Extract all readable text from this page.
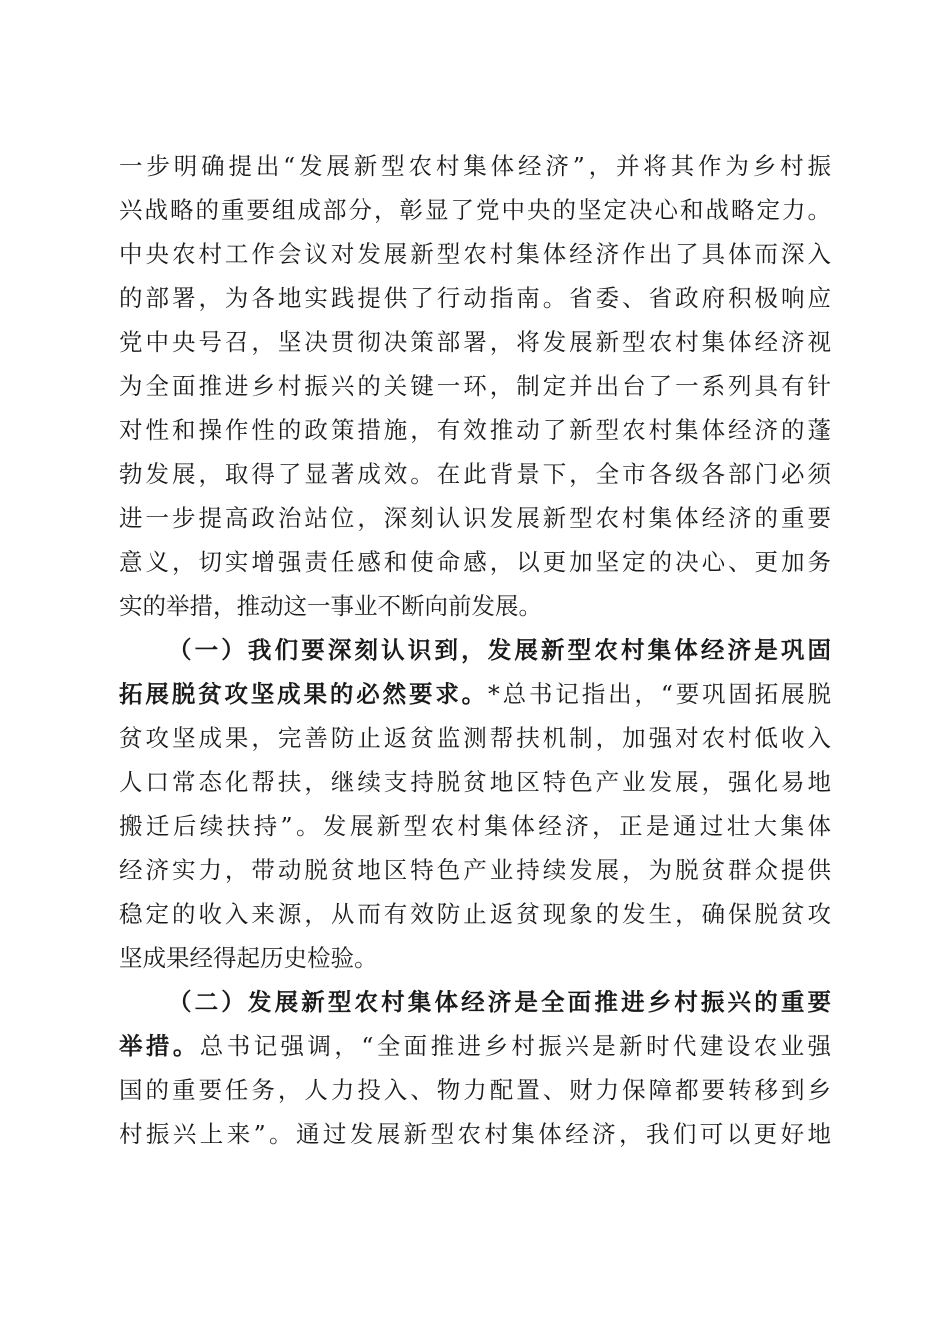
一步明确提出“发展新型农村集体经济”，并将其作为乡村振
兴战略的重要组成部分，彰显了党中央的坚定决心和战略定力。
中央农村工作会议对发展新型农村集体经济作出了具体而深入
的部署，为各地实践提供了行动指南。省委、省政府积极响应
党中央号召，坚决贯彻决策部署，将发展新型农村集体经济视
为全面推进乡村振兴的关键一环，制定并出台了一系列具有针
对性和操作性的政策措施，有效推动了新型农村集体经济的蓬
勃发展，取得了显著成效。在此背景下，全市各级各部门必须
进一步提高政治站位，深刻认识发展新型农村集体经济的重要
意义，切实增强责任感和使命感，以更加坚定的决心、更加务
实的举措，推动这一事业不断向前发展。
（一）我们要深刻认识到，发展新型农村集体经济是巩固
拓展脱贫攻坚成果的必然要求。*总书记指出，“要巩固拓展脱
贫攻坚成果，完善防止返贫监测帮扶机制，加强对农村低收入
人口常态化帮扶，继续支持脱贫地区特色产业发展，强化易地
搬迁后续扶持”。发展新型农村集体经济，正是通过壮大集体
经济实力，带动脱贫地区特色产业持续发展，为脱贫群众提供
稳定的收入来源，从而有效防止返贫现象的发生，确保脱贫攻
坚成果经得起历史检验。
（二）发展新型农村集体经济是全面推进乡村振兴的重要
举措。总书记强调，“全面推进乡村振兴是新时代建设农业强
国的重要任务，人力投入、物力配置、财力保障都要转移到乡
村振兴上来”。通过发展新型农村集体经济，我们可以更好地
